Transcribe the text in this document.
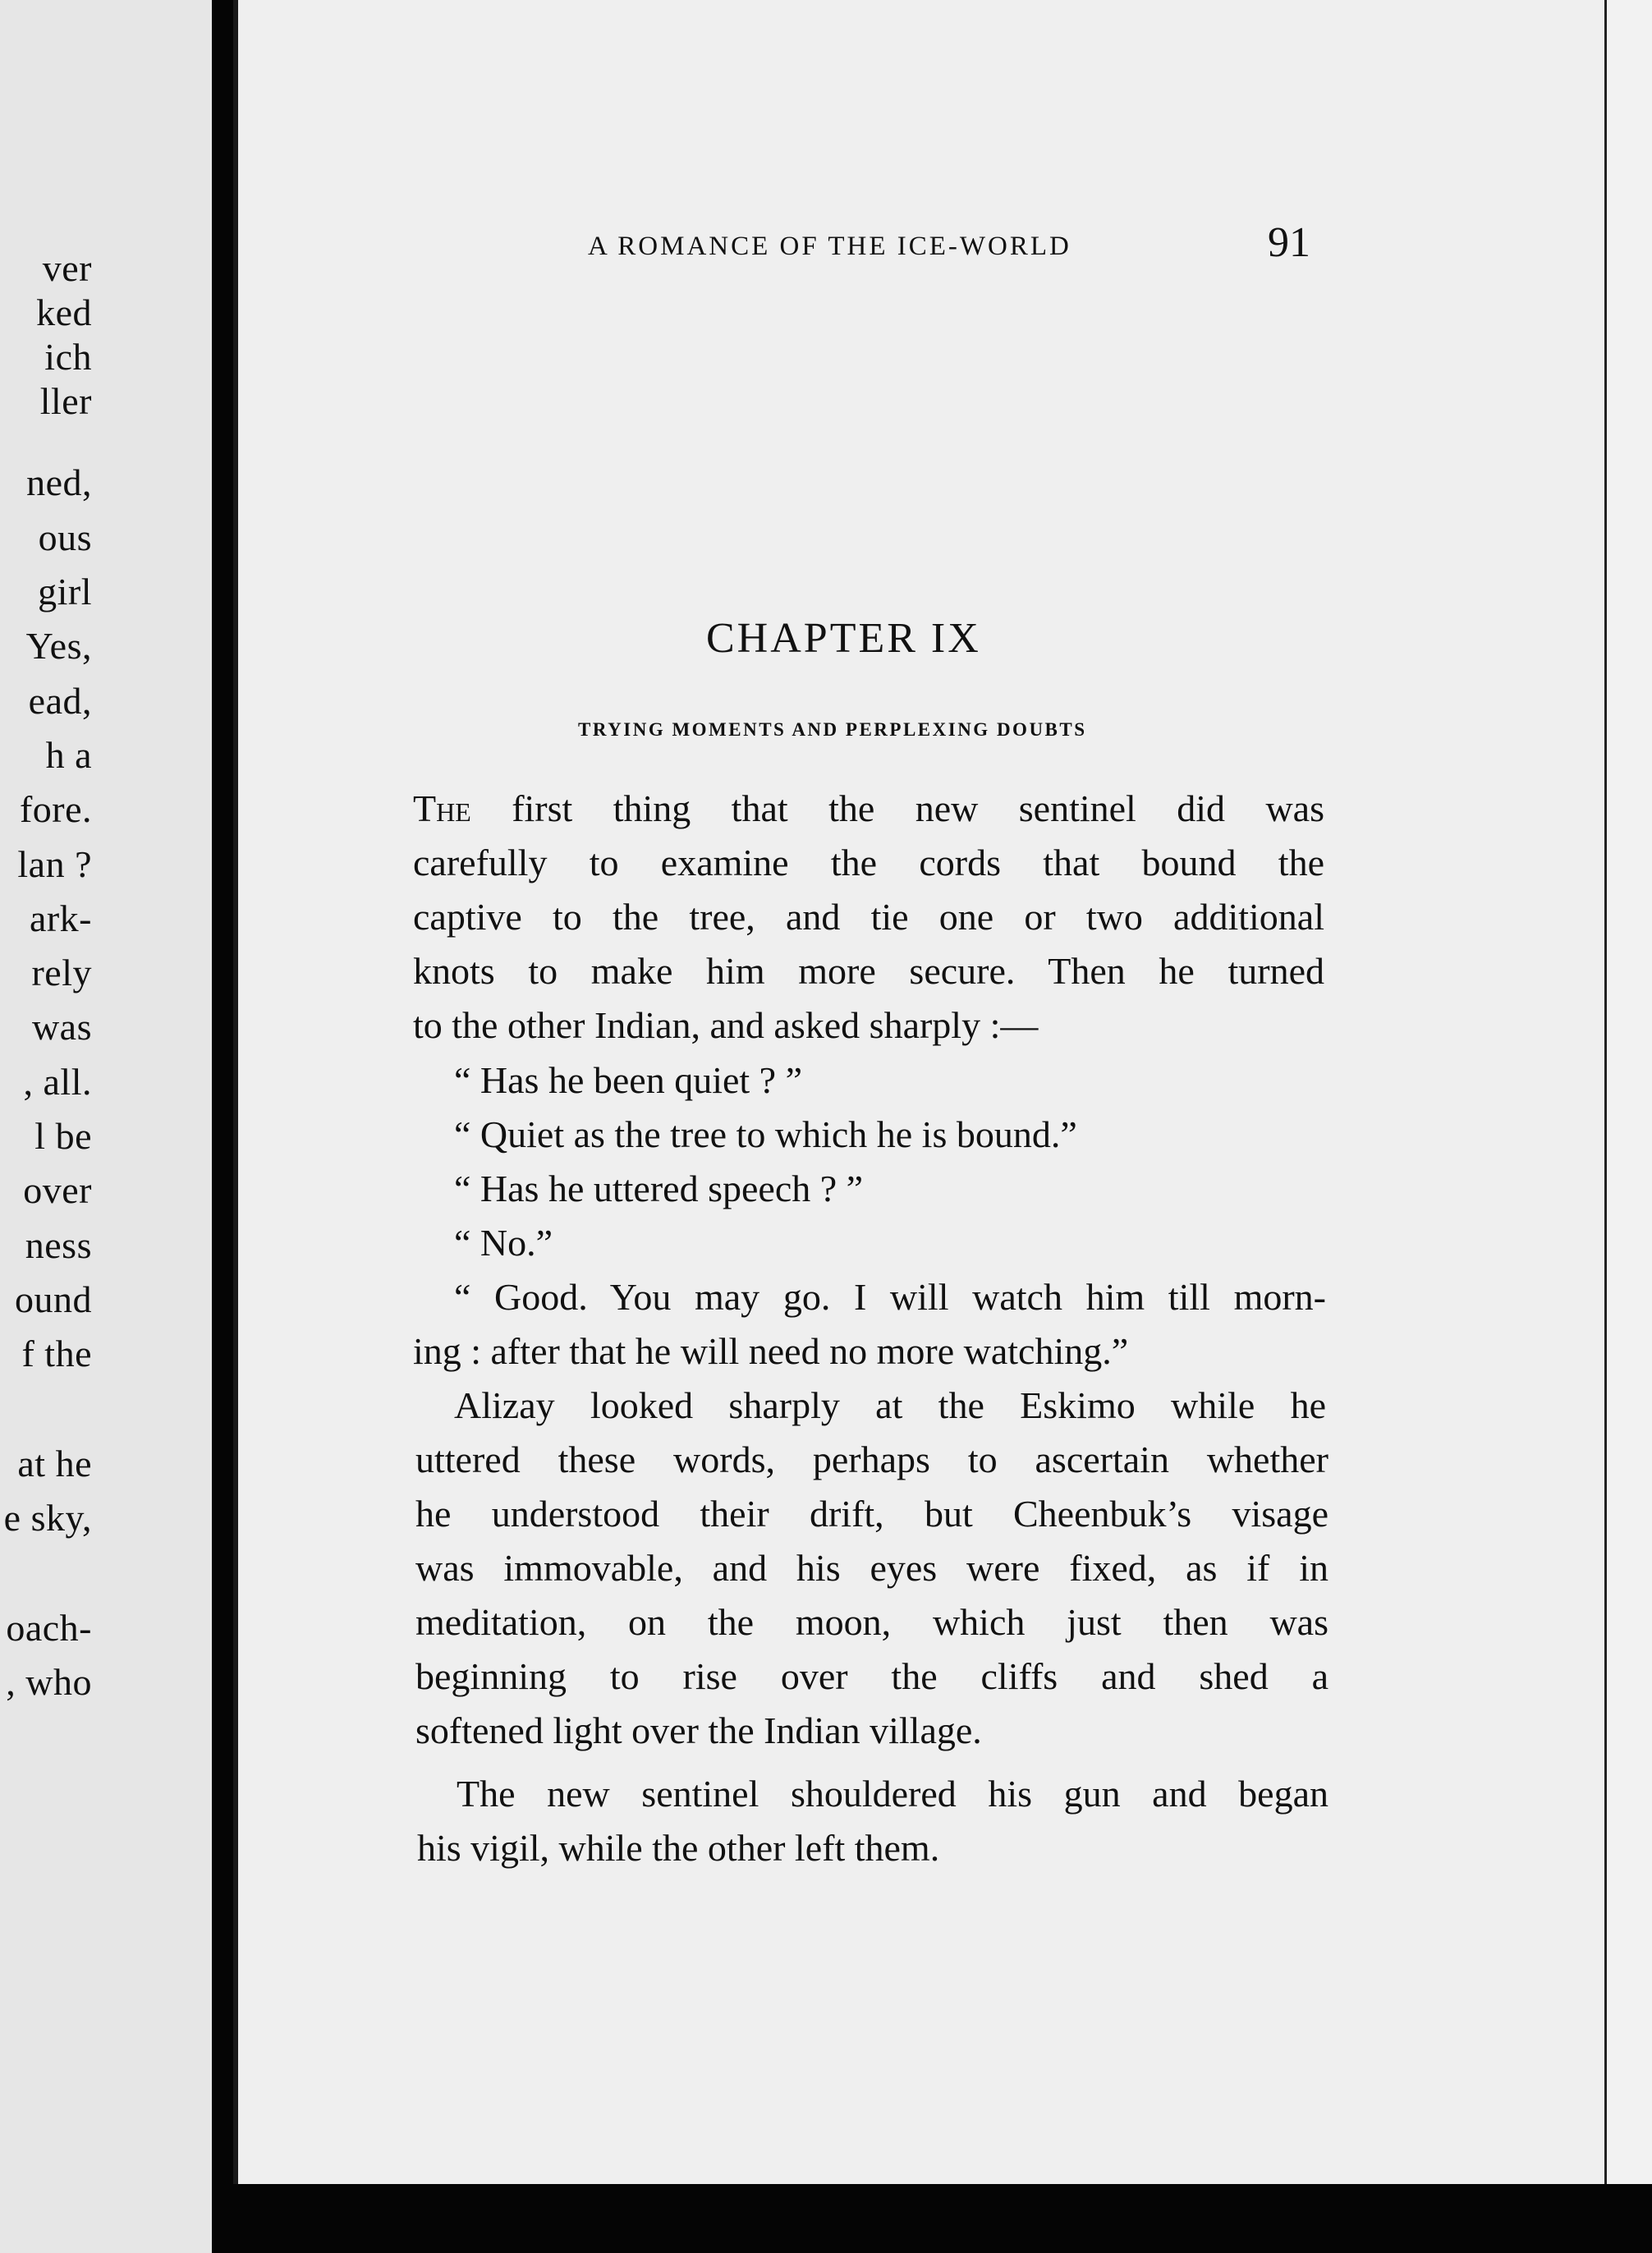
ver
ked
ich
ller
ned,
ous
girl
Yes,
ead,
h a
fore.
lan ?
ark-
rely
was
, all.
l be
over
ness
ound
f the
at he
e sky,
oach-
, who
A ROMANCE OF THE ICE-WORLD	91
CHAPTER IX
TRYING MOMENTS AND PERPLEXING DOUBTS
The first thing that the new sentinel did was
carefully to examine the cords that bound the
captive to the tree, and tie one or two additional
knots to make him more secure. Then he turned
to the other Indian, and asked sharply :—
“ Has he been quiet ? ”
“ Quiet as the tree to which he is bound.”
“ Has he uttered speech ? ”
“ No.”
“ Good. You may go. I will watch him till morn-
ing : after that he will need no more watching.”
Alizay looked sharply at the Eskimo while he
uttered these words, perhaps to ascertain whether
he understood their drift, but Cheenbuk’s visage
was immovable, and his eyes were fixed, as if in
meditation, on the moon, which just then was
beginning to rise over the cliffs and shed a
softened light over the Indian village.
The new sentinel shouldered his gun and began
his vigil, while the other left them.
